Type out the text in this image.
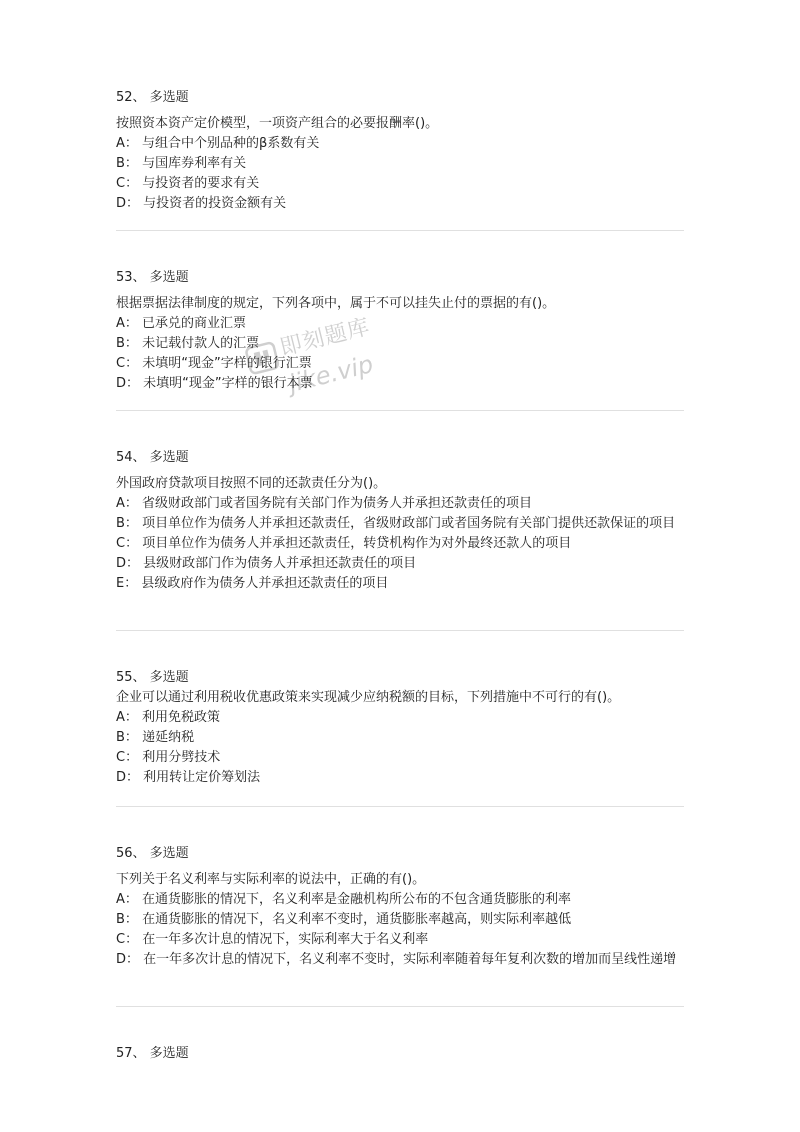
52、 多选题

按照资本资产定价模型，一项资产组合的必要报酬率()。

A： 与组合中个别品种的β系数有关

B： 与国库券利率有关

C： 与投资者的要求有关

D： 与投资者的投资金额有关

53、 多选题

根据票据法律制度的规定，下列各项中，属于不可以挂失止付的票据的有()。

A： 已承兑的商业汇票

B： 未记载付款人的汇票

C： 未填明“现金”字样的银行汇票

D： 未填明“现金”字样的银行本票

54、 多选题

外国政府贷款项目按照不同的还款责任分为()。

A： 省级财政部门或者国务院有关部门作为债务人并承担还款责任的项目

B： 项目单位作为债务人并承担还款责任，省级财政部门或者国务院有关部门提供还款保证的项目

C： 项目单位作为债务人并承担还款责任，转贷机构作为对外最终还款人的项目

D： 县级财政部门作为债务人并承担还款责任的项目

E： 县级政府作为债务人并承担还款责任的项目

55、 多选题

企业可以通过利用税收优惠政策来实现减少应纳税额的目标，下列措施中不可行的有()。

A： 利用免税政策

B： 递延纳税

C： 利用分劈技术

D： 利用转让定价筹划法

56、 多选题

下列关于名义利率与实际利率的说法中，正确的有()。

A： 在通货膨胀的情况下，名义利率是金融机构所公布的不包含通货膨胀的利率

B： 在通货膨胀的情况下，名义利率不变时，通货膨胀率越高，则实际利率越低

C： 在一年多次计息的情况下，实际利率大于名义利率

D： 在一年多次计息的情况下，名义利率不变时，实际利率随着每年复利次数的增加而呈线性递增

57、 多选题

即刻题库
jike.vip
